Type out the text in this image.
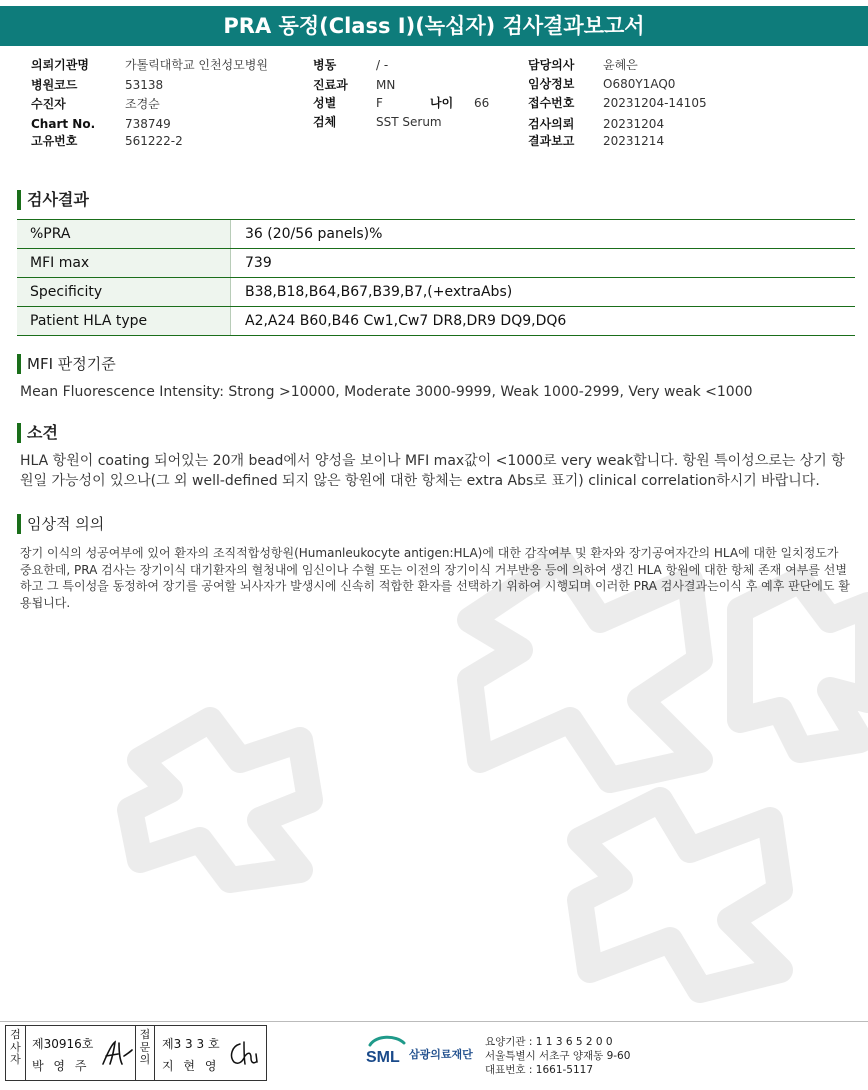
PRA 동정(Class I)(녹십자) 검사결과보고서
의뢰기관명	가톨릭대학교 인천성모병원
병원코드	53138
수진자	조경순
Chart No. 738749
고유번호	561222-2
병동	/ -
진료과 MN
성별	F	나이 66
검체	SST Serum
담당의사 윤혜은
임상정보 O680Y1AQ0
접수번호 20231204-14105
검사의뢰 20231204
결과보고 20231214
검사결과
%PRA	36 (20/56 panels)%
MFI max	739
Specificity	B38,B18,B64,B67,B39,B7,(+extraAbs)
Patient HLA type	A2,A24 B60,B46 Cw1,Cw7 DR8,DR9 DQ9,DQ6
MFI 판정기준
Mean Fluorescence Intensity: Strong >10000, Moderate 3000-9999, Weak 1000-2999, Very weak <1000
소견
HLA 항원이 coating 되어있는 20개 bead에서 양성을 보이나 MFI max값이 <1000로 very weak합니다. 항원 특이성으로는 상기 항원일 가능성이 있으나(그 외 well-defined 되지 않은 항원에 대한 항체는 extra Abs로 표기) clinical correlation하시기 바랍니다.
임상적 의의
장기 이식의 성공여부에 있어 환자의 조직적합성항원(Humanleukocyte antigen:HLA)에 대한 감작여부 및 환자와 장기공여자간의 HLA에 대한 일치정도가 중요한데, PRA 검사는 장기이식 대기환자의 혈청내에 임신이나 수혈 또는 이전의 장기이식 거부반응 등에 의하여 생긴 HLA 항원에 대한 항체 존재 여부를 선별하고 그 특이성을 동정하여 장기를 공여할 뇌사자가 발생시에 신속히 적합한 환자를 선택하기 위하여 시행되며 이러한 PRA 검사결과는이식 후 예후 판단에도 활용됩니다.
검사자
제30916호
박 영 주
접문의
제3 3 3 호
지 현 영	SML 삼광의료재단
요양기관 : 1 1 3 6 5 2 0 0
서울특별시 서초구 양재동 9-60
대표번호 : 1661-5117
